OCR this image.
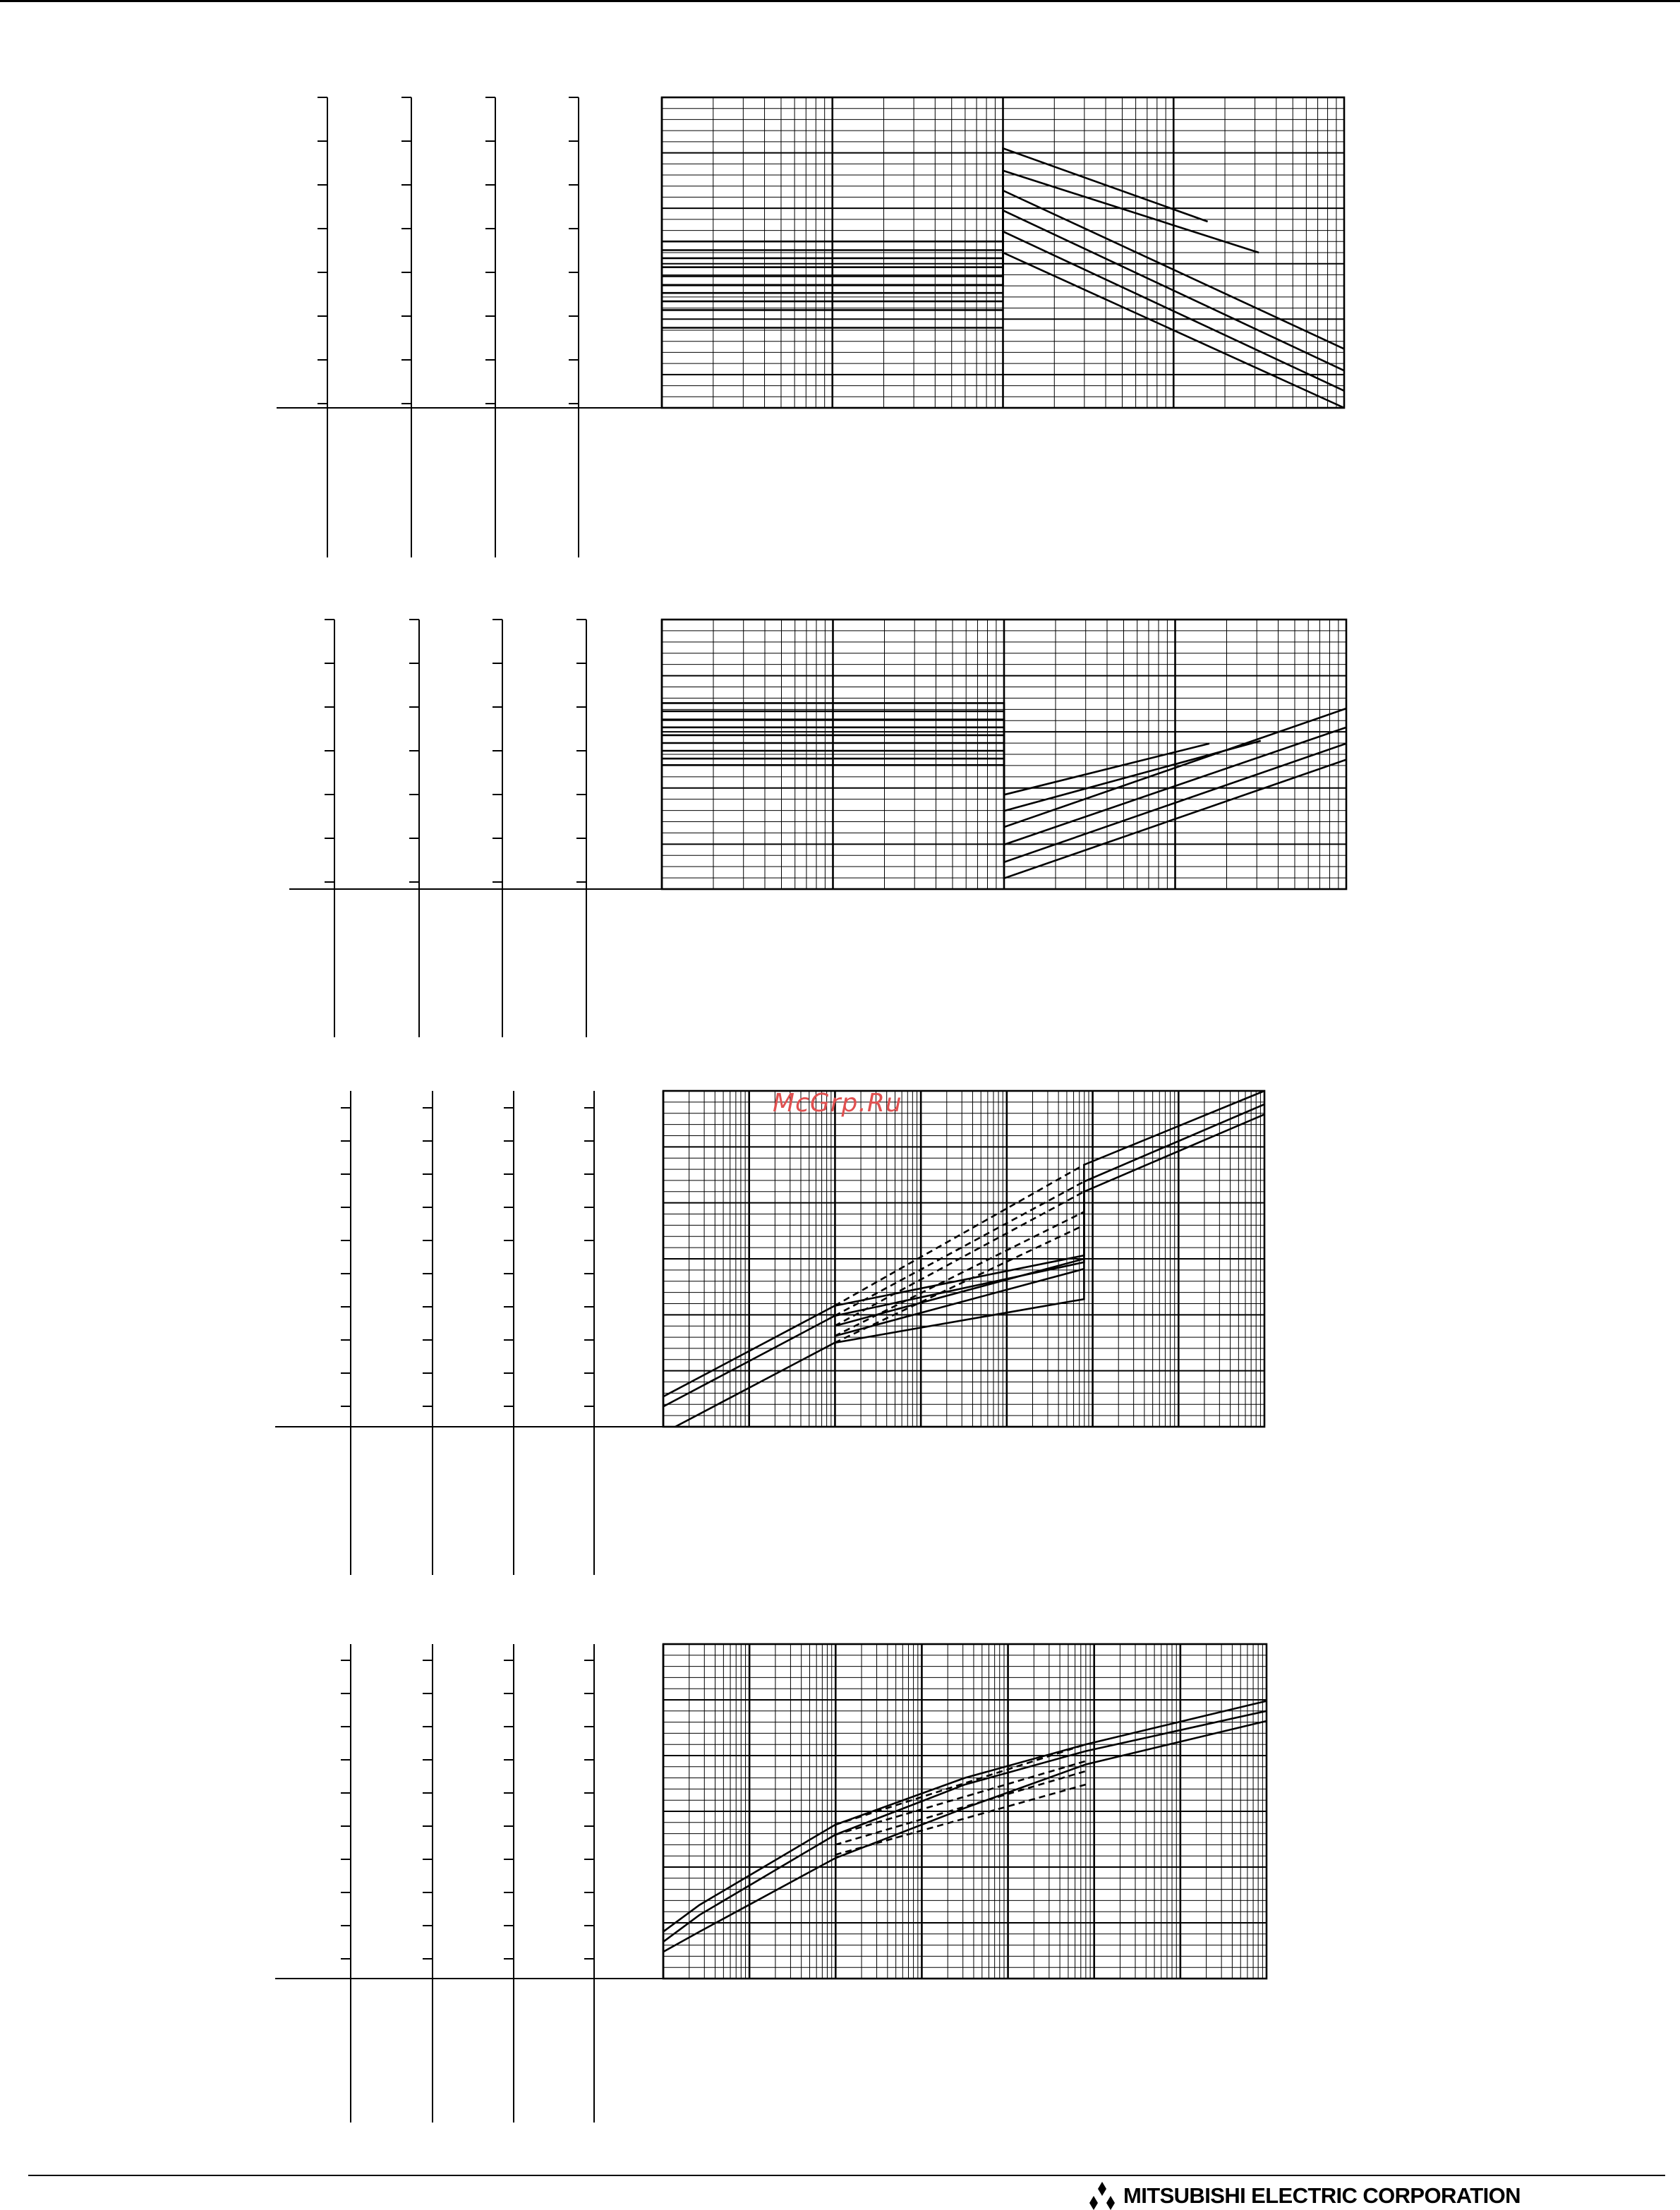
McGrp.Ru
MITSUBISHI ELECTRIC CORPORATION
